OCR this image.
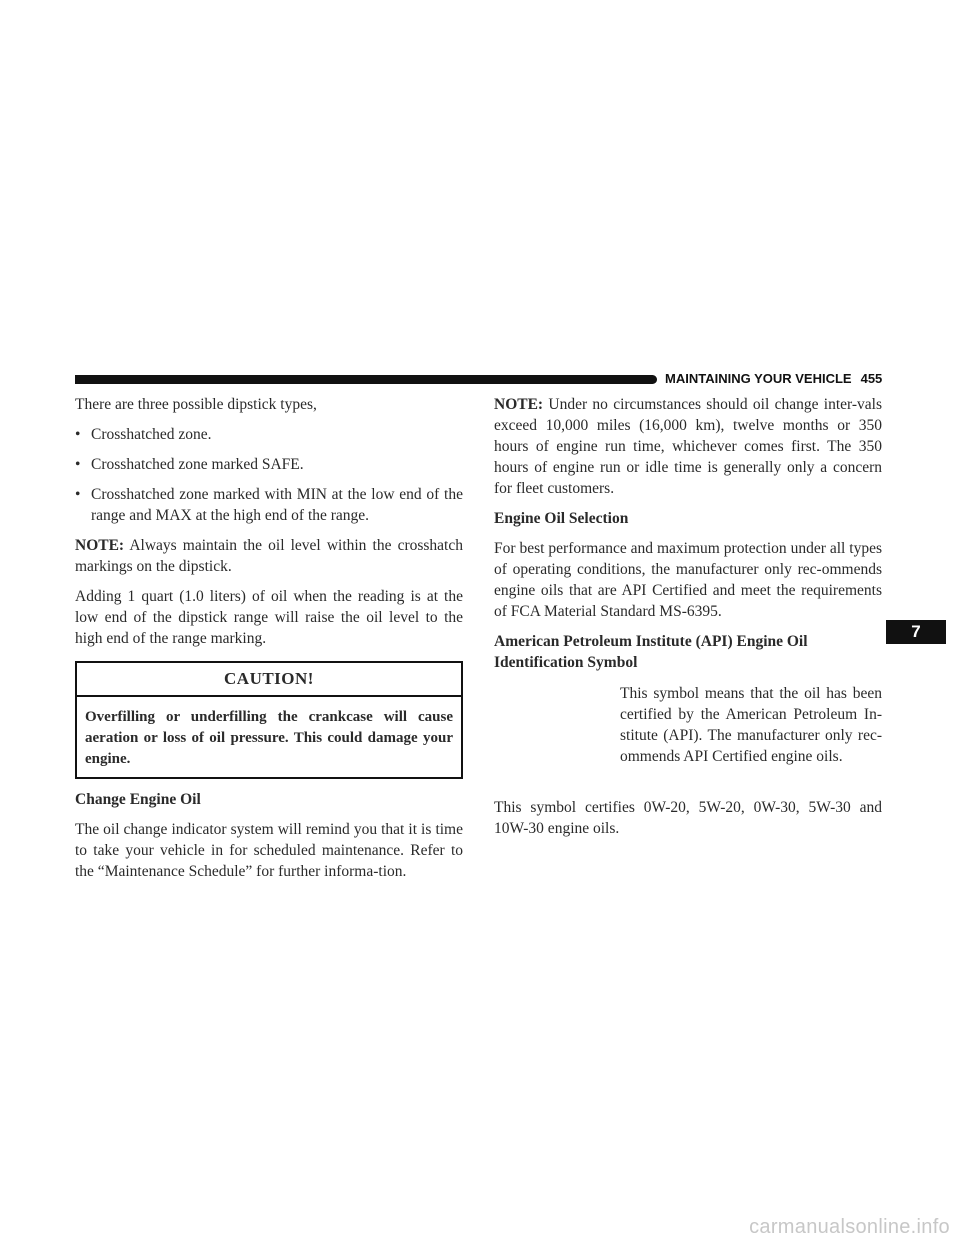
MAINTAINING YOUR VEHICLE 455

There are three possible dipstick types,

• Crosshatched zone.
• Crosshatched zone marked SAFE.
• Crosshatched zone marked with MIN at the low end of the range and MAX at the high end of the range.

NOTE: Always maintain the oil level within the crosshatch markings on the dipstick.

Adding 1 quart (1.0 liters) of oil when the reading is at the low end of the dipstick range will raise the oil level to the high end of the range marking.

CAUTION!
Overfilling or underfilling the crankcase will cause aeration or loss of oil pressure. This could damage your engine.
Change Engine Oil

The oil change indicator system will remind you that it is time to take your vehicle in for scheduled maintenance. Refer to the “Maintenance Schedule” for further informa-tion.

NOTE: Under no circumstances should oil change inter-vals exceed 10,000 miles (16,000 km), twelve months or 350 hours of engine run time, whichever comes first. The 350 hours of engine run or idle time is generally only a concern for fleet customers.

Engine Oil Selection

For best performance and maximum protection under all types of operating conditions, the manufacturer only rec-ommends engine oils that are API Certified and meet the requirements of FCA Material Standard MS-6395.

American Petroleum Institute (API) Engine Oil Identification Symbol
This symbol means that the oil has been certified by the American Petroleum In-stitute (API). The manufacturer only rec-ommends API Certified engine oils.

This symbol certifies 0W-20, 5W-20, 0W-30, 5W-30 and 10W-30 engine oils.

7
carmanualsonline.info
